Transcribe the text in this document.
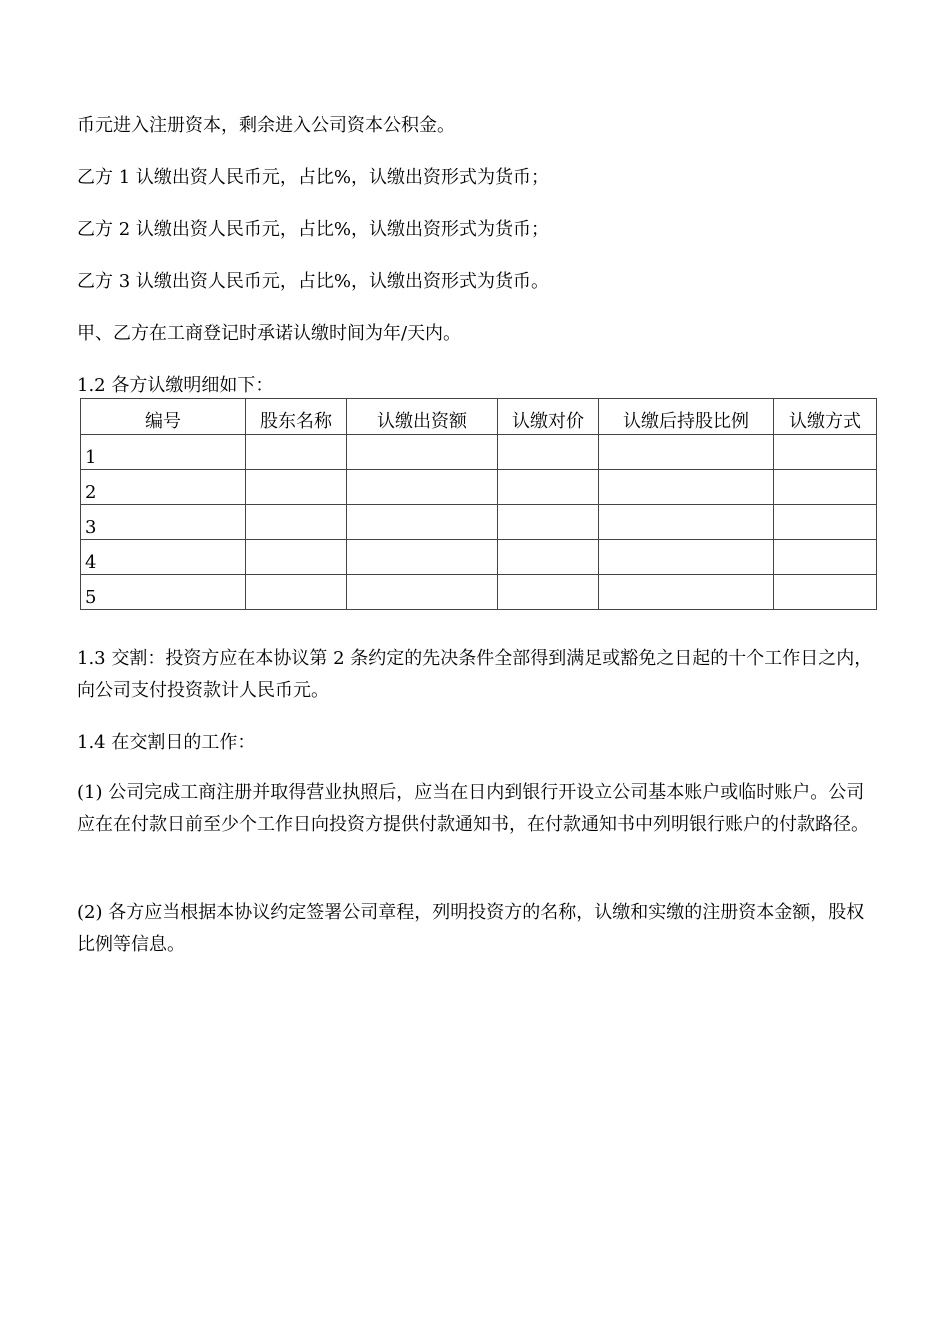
币元进入注册资本，剩余进入公司资本公积金。
乙方 1 认缴出资人民币元，占比%，认缴出资形式为货币；
乙方 2 认缴出资人民币元，占比%，认缴出资形式为货币；
乙方 3 认缴出资人民币元，占比%，认缴出资形式为货币。
甲、乙方在工商登记时承诺认缴时间为年/天内。
1.2 各方认缴明细如下：
编号	股东名称	认缴出资额	认缴对价	认缴后持股比例	认缴方式
1					
2					
3					
4					
5					
1.3 交割：投资方应在本协议第 2 条约定的先决条件全部得到满足或豁免之日起的十个工作日之内，向公司支付投资款计人民币元。
1.4 在交割日的工作：
(1) 公司完成工商注册并取得营业执照后，应当在日内到银行开设立公司基本账户或临时账户。公司应在在付款日前至少个工作日向投资方提供付款通知书，在付款通知书中列明银行账户的付款路径。
(2) 各方应当根据本协议约定签署公司章程，列明投资方的名称，认缴和实缴的注册资本金额，股权比例等信息。
